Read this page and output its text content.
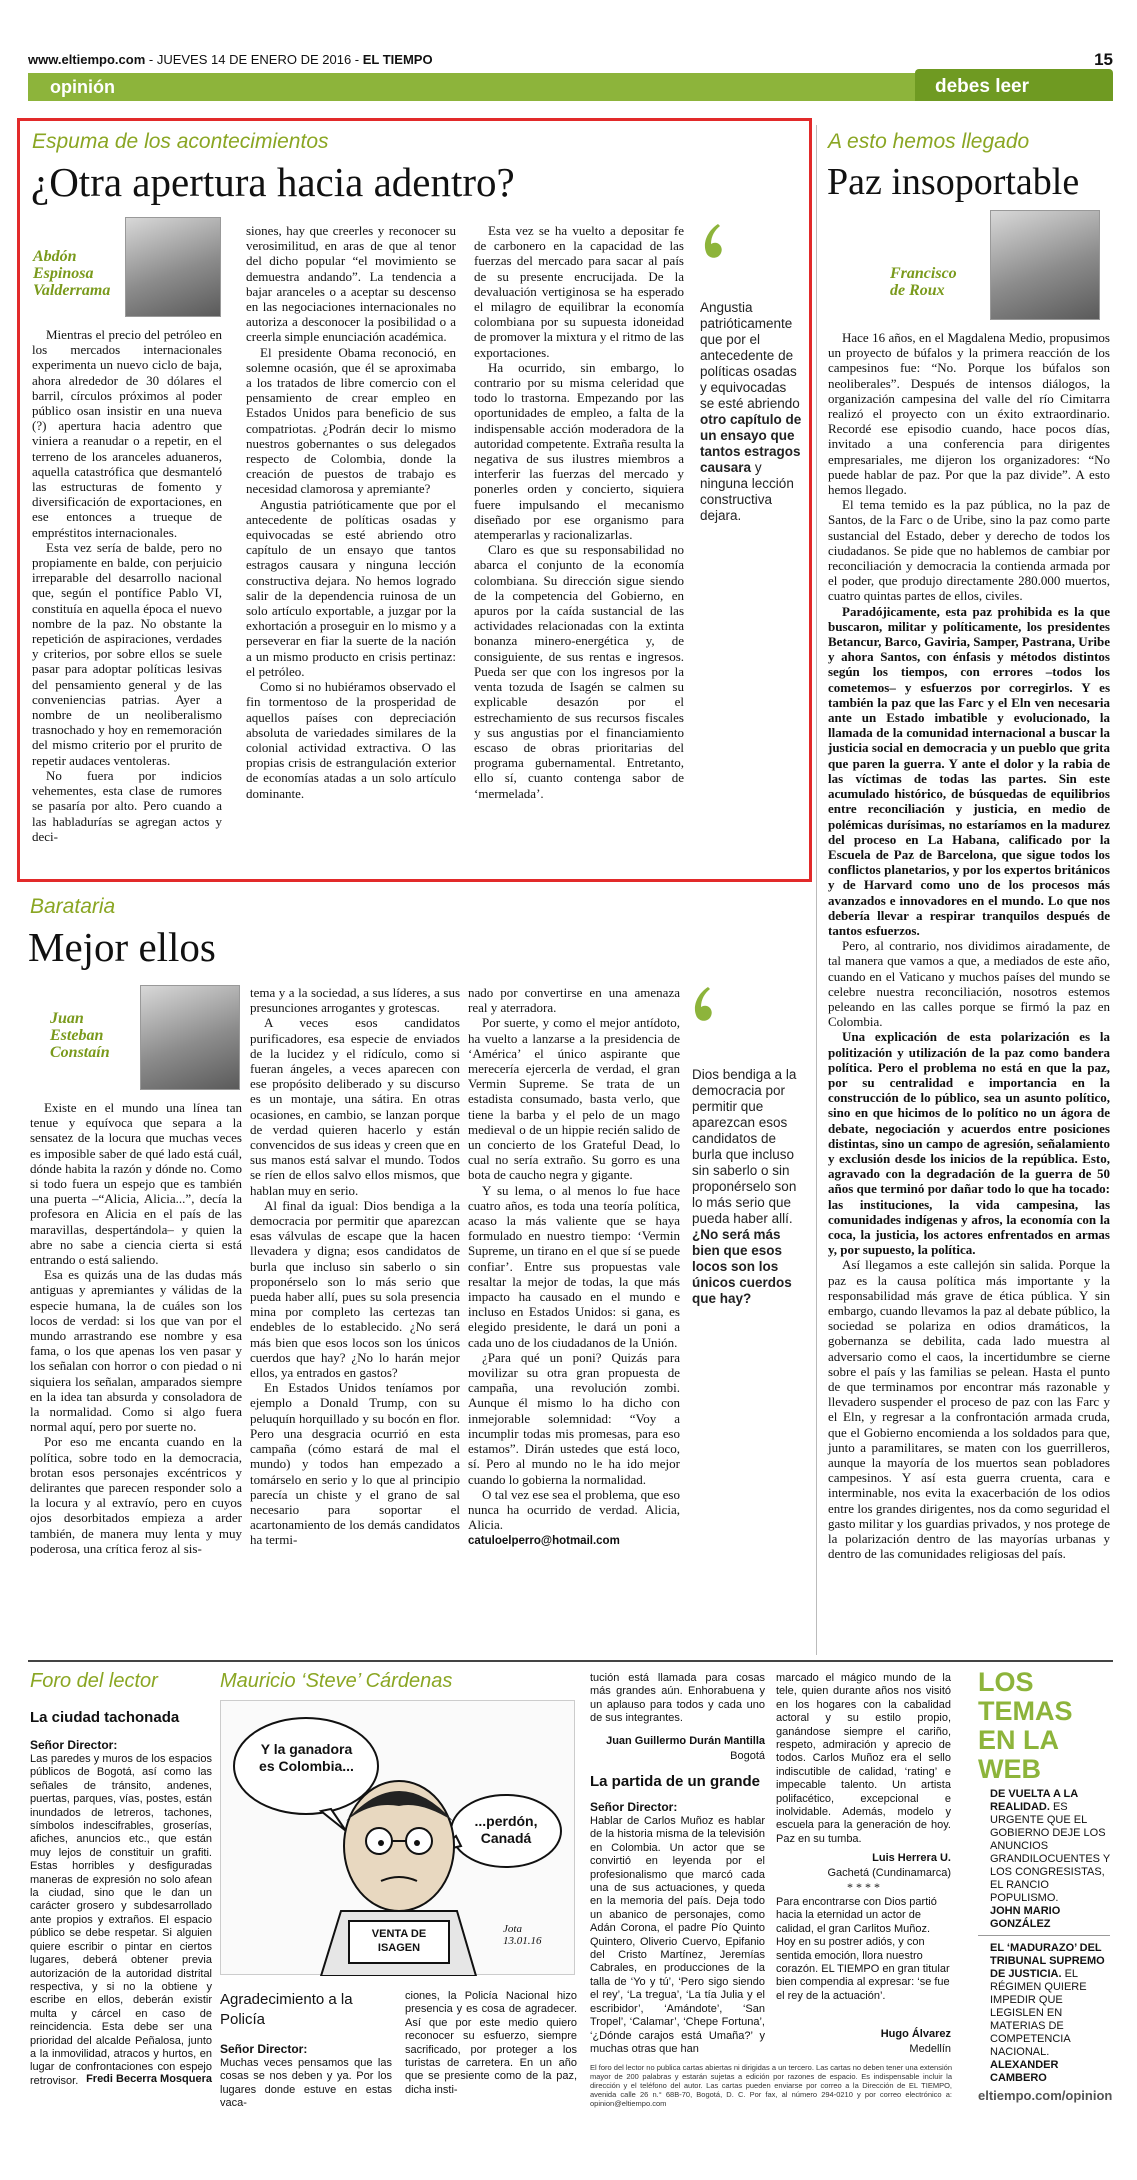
www.eltiempo.com - JUEVES 14 DE ENERO DE 2016 - EL TIEMPO	15
opinión	debes leer
Espuma de los acontecimientos
¿Otra apertura hacia adentro?
Abdón
Espinosa
Valderrama

Mientras el precio del petróleo en los mercados internacionales experimenta un nuevo ciclo de baja, ahora alrededor de 30 dólares el barril, círculos próximos al poder público osan insistir en una nueva (?) apertura hacia adentro que viniera a reanudar o a repetir, en el terreno de los aranceles aduaneros, aquella catastrófica que desmanteló las estructuras de fomento y diversificación de exportaciones, en ese entonces a trueque de empréstitos internacionales.

Esta vez sería de balde, pero no propiamente en balde, con perjuicio irreparable del desarrollo nacional que, según el pontífice Pablo VI, constituía en aquella época el nuevo nombre de la paz. No obstante la repetición de aspiraciones, verdades y criterios, por sobre ellos se suele pasar para adoptar políticas lesivas del pensamiento general y de las conveniencias patrias. Ayer a nombre de un neoliberalismo trasnochado y hoy en rememoración del mismo criterio por el prurito de repetir audaces ventoleras.

No fuera por indicios vehementes, esta clase de rumores se pasaría por alto. Pero cuando a las habladurías se agregan actos y deci-

siones, hay que creerles y reconocer su verosimilitud, en aras de que al tenor del dicho popular “el movimiento se demuestra andando”. La tendencia a bajar aranceles o a aceptar su descenso en las negociaciones internacionales no autoriza a desconocer la posibilidad o a creerla simple enunciación académica.

El presidente Obama reconoció, en solemne ocasión, que él se aproximaba a los tratados de libre comercio con el pensamiento de crear empleo en Estados Unidos para beneficio de sus compatriotas. ¿Podrán decir lo mismo nuestros gobernantes o sus delegados respecto de Colombia, donde la creación de puestos de trabajo es necesidad clamorosa y apremiante?

Angustia patrióticamente que por el antecedente de políticas osadas y equivocadas se esté abriendo otro capítulo de un ensayo que tantos estragos causara y ninguna lección constructiva dejara. No hemos logrado salir de la dependencia ruinosa de un solo artículo exportable, a juzgar por la exhortación a proseguir en lo mismo y a perseverar en fiar la suerte de la nación a un mismo producto en crisis pertinaz: el petróleo.

Como si no hubiéramos observado el fin tormentoso de la prosperidad de aquellos países con depreciación absoluta de variedades similares de la colonial actividad extractiva. O las propias crisis de estrangulación exterior de economías atadas a un solo artículo dominante.

Esta vez se ha vuelto a depositar fe de carbonero en la capacidad de las fuerzas del mercado para sacar al país de su presente encrucijada. De la devaluación vertiginosa se ha esperado el milagro de equilibrar la economía colombiana por su supuesta idoneidad de promover la mixtura y el ritmo de las exportaciones.

Ha ocurrido, sin embargo, lo contrario por su misma celeridad que todo lo trastorna. Empezando por las oportunidades de empleo, a falta de la indispensable acción moderadora de la autoridad competente. Extraña resulta la negativa de sus ilustres miembros a interferir las fuerzas del mercado y ponerles orden y concierto, siquiera fuere impulsando el mecanismo diseñado por ese organismo para atemperarlas y racionalizarlas.

Claro es que su responsabilidad no abarca el conjunto de la economía colombiana. Su dirección sigue siendo de la competencia del Gobierno, en apuros por la caída sustancial de las actividades relacionadas con la extinta bonanza minero-energética y, de consiguiente, de sus rentas e ingresos. Pueda ser que con los ingresos por la venta tozuda de Isagén se calmen su explicable desazón por el estrechamiento de sus recursos fiscales y sus angustias por el financiamiento escaso de obras prioritarias del programa gubernamental. Entretanto, ello sí, cuanto contenga sabor de ‘mermelada’.

Angustia patrióticamente que por el antecedente de políticas osadas y equivocadas se esté abriendo otro capítulo de un ensayo que tantos estragos causara y ninguna lección constructiva dejara.
A esto hemos llegado
Paz insoportable
Francisco
de Roux

Hace 16 años, en el Magdalena Medio, propusimos un proyecto de búfalos y la primera reacción de los campesinos fue: “No. Porque los búfalos son neoliberales”. Después de intensos diálogos, la organización campesina del valle del río Cimitarra realizó el proyecto con un éxito extraordinario. Recordé ese episodio cuando, hace pocos días, invitado a una conferencia para dirigentes empresariales, me dijeron los organizadores: “No puede hablar de paz. Por que la paz divide”. A esto hemos llegado.

El tema temido es la paz pública, no la paz de Santos, de la Farc o de Uribe, sino la paz como parte sustancial del Estado, deber y derecho de todos los ciudadanos. Se pide que no hablemos de cambiar por reconciliación y democracia la contienda armada por el poder, que produjo directamente 280.000 muertos, cuatro quintas partes de ellos, civiles.

Paradójicamente, esta paz prohibida es la que buscaron, militar y políticamente, los presidentes Betancur, Barco, Gaviria, Samper, Pastrana, Uribe y ahora Santos, con énfasis y métodos distintos según los tiempos, con errores –todos los cometemos– y esfuerzos por corregirlos. Y es también la paz que las Farc y el Eln ven necesaria ante un Estado imbatible y evolucionado, la llamada de la comunidad internacional a buscar la justicia social en democracia y un pueblo que grita que paren la guerra. Y ante el dolor y la rabia de las víctimas de todas las partes. Sin este acumulado histórico, de búsquedas de equilibrios entre reconciliación y justicia, en medio de polémicas durísimas, no estaríamos en la madurez del proceso en La Habana, calificado por la Escuela de Paz de Barcelona, que sigue todos los conflictos planetarios, y por los expertos británicos y de Harvard como uno de los procesos más avanzados e innovadores en el mundo. Lo que nos debería llevar a respirar tranquilos después de tantos esfuerzos.

Pero, al contrario, nos dividimos airadamente, de tal manera que vamos a que, a mediados de este año, cuando en el Vaticano y muchos países del mundo se celebre nuestra reconciliación, nosotros estemos peleando en las calles porque se firmó la paz en Colombia.

Una explicación de esta polarización es la politización y utilización de la paz como bandera política. Pero el problema no está en que la paz, por su centralidad e importancia en la construcción de lo público, sea un asunto político, sino en que hicimos de lo político no un ágora de debate, negociación y acuerdos entre posiciones distintas, sino un campo de agresión, señalamiento y exclusión desde los inicios de la república. Esto, agravado con la degradación de la guerra de 50 años que terminó por dañar todo lo que ha tocado: las instituciones, la vida campesina, las comunidades indígenas y afros, la economía con la coca, la justicia, los actores enfrentados en armas y, por supuesto, la política.

Así llegamos a este callejón sin salida. Porque la paz es la causa política más importante y la responsabilidad más grave de ética pública. Y sin embargo, cuando llevamos la paz al debate público, la sociedad se polariza en odios dramáticos, la gobernanza se debilita, cada lado muestra al adversario como el caos, la incertidumbre se cierne sobre el país y las familias se pelean. Hasta el punto de que terminamos por encontrar más razonable y llevadero suspender el proceso de paz con las Farc y el Eln, y regresar a la confrontación armada cruda, que el Gobierno encomienda a los soldados para que, junto a paramilitares, se maten con los guerrilleros, aunque la mayoría de los muertos sean pobladores campesinos. Y así esta guerra cruenta, cara e interminable, nos evita la exacerbación de los odios entre los grandes dirigentes, nos da como seguridad el gasto militar y los guardias privados, y nos protege de la polarización dentro de las mayorías urbanas y dentro de las comunidades religiosas del país.

Barataria
Mejor ellos
Juan
Esteban
Constaín

Existe en el mundo una línea tan tenue y equívoca que separa a la sensatez de la locura que muchas veces es imposible saber de qué lado está cuál, dónde habita la razón y dónde no. Como si todo fuera un espejo que es también una puerta –“Alicia, Alicia...”, decía la profesora en Alicia en el país de las maravillas, despertándola– y quien la abre no sabe a ciencia cierta si está entrando o está saliendo.

Esa es quizás una de las dudas más antiguas y apremiantes y válidas de la especie humana, la de cuáles son los locos de verdad: si los que van por el mundo arrastrando ese nombre y esa fama, o los que apenas los ven pasar y los señalan con horror o con piedad o ni siquiera los señalan, amparados siempre en la idea tan absurda y consoladora de la normalidad. Como si algo fuera normal aquí, pero por suerte no.

Por eso me encanta cuando en la política, sobre todo en la democracia, brotan esos personajes excéntricos y delirantes que parecen responder solo a la locura y al extravío, pero en cuyos ojos desorbitados empieza a arder también, de manera muy lenta y muy poderosa, una crítica feroz al sis-

tema y a la sociedad, a sus líderes, a sus presunciones arrogantes y grotescas.

A veces esos candidatos purificadores, esa especie de enviados de la lucidez y el ridículo, como si fueran ángeles, a veces aparecen con ese propósito deliberado y su discurso es un montaje, una sátira. En otras ocasiones, en cambio, se lanzan porque de verdad quieren hacerlo y están convencidos de sus ideas y creen que en sus manos está salvar el mundo. Todos se ríen de ellos salvo ellos mismos, que hablan muy en serio.

Al final da igual: Dios bendiga a la democracia por permitir que aparezcan esas válvulas de escape que la hacen llevadera y digna; esos candidatos de burla que incluso sin saberlo o sin proponérselo son lo más serio que pueda haber allí, pues su sola presencia mina por completo las certezas tan endebles de lo establecido. ¿No será más bien que esos locos son los únicos cuerdos que hay? ¿No lo harán mejor ellos, ya entrados en gastos?

En Estados Unidos teníamos por ejemplo a Donald Trump, con su peluquín horquillado y su bocón en flor. Pero una desgracia ocurrió en esta campaña (cómo estará de mal el mundo) y todos han empezado a tomárselo en serio y lo que al principio parecía un chiste y el grano de sal necesario para soportar el acartonamiento de los demás candidatos ha termi-

nado por convertirse en una amenaza real y aterradora.

Por suerte, y como el mejor antídoto, ha vuelto a lanzarse a la presidencia de ‘América’ el único aspirante que merecería ejercerla de verdad, el gran Vermin Supreme. Se trata de un estadista consumado, basta verlo, que tiene la barba y el pelo de un mago medieval o de un hippie recién salido de un concierto de los Grateful Dead, lo cual no sería extraño. Su gorro es una bota de caucho negra y gigante.

Y su lema, o al menos lo fue hace cuatro años, es toda una teoría política, acaso la más valiente que se haya formulado en nuestro tiempo: ‘Vermin Supreme, un tirano en el que sí se puede confiar’. Entre sus propuestas vale resaltar la mejor de todas, la que más impacto ha causado en el mundo e incluso en Estados Unidos: si gana, es elegido presidente, le dará un poni a cada uno de los ciudadanos de la Unión.

¿Para qué un poni? Quizás para movilizar su otra gran propuesta de campaña, una revolución zombi. Aunque él mismo lo ha dicho con inmejorable solemnidad: “Voy a incumplir todas mis promesas, para eso estamos”. Dirán ustedes que está loco, sí. Pero al mundo no le ha ido mejor cuando lo gobierna la normalidad.

O tal vez ese sea el problema, que eso nunca ha ocurrido de verdad. Alicia, Alicia.

catuloelperro@hotmail.com
Dios bendiga a la democracia por permitir que aparezcan esos candidatos de burla que incluso sin saberlo o sin proponérselo son lo más serio que pueda haber allí. ¿No será más bien que esos locos son los únicos cuerdos que hay?
Foro del lector
La ciudad tachonada
Señor Director:
Las paredes y muros de los espacios públicos de Bogotá, así como las señales de tránsito, andenes, puertas, parques, vías, postes, están inundados de letreros, tachones, símbolos indescifrables, groserías, afiches, anuncios etc., que están muy lejos de constituir un grafiti. Estas horribles y desfiguradas maneras de expresión no solo afean la ciudad, sino que le dan un carácter grosero y subdesarrollado ante propios y extraños. El espacio público se debe respetar. Si alguien quiere escribir o pintar en ciertos lugares, deberá obtener previa autorización de la autoridad distrital respectiva, y si no la obtiene y escribe en ellos, deberán existir multa y cárcel en caso de reincidencia. Esta debe ser una prioridad del alcalde Peñalosa, junto a la inmovilidad, atracos y hurtos, en lugar de confrontaciones con espejo retrovisor. Fredi Becerra Mosquera
Mauricio ‘Steve’ Cárdenas
Y la ganadora es Colombia...
...perdón, Canadá
VENTA DE ISAGEN
Jota 13.01.16
Agradecimiento a la Policía
Señor Director:
Muchas veces pensamos que las cosas se nos deben y ya. Por los lugares donde estuve en estas vaca-
ciones, la Policía Nacional hizo presencia y es cosa de agradecer. Así que por este medio quiero reconocer su esfuerzo, siempre sacrificado, por proteger a los turistas de carretera. En un año que se presiente como de la paz, dicha insti-
tución está llamada para cosas más grandes aún. Enhorabuena y un aplauso para todos y cada uno de sus integrantes.
Juan Guillermo Durán Mantilla
Bogotá
La partida de un grande
Señor Director:
Hablar de Carlos Muñoz es hablar de la historia misma de la televisión en Colombia. Un actor que se convirtió en leyenda por el profesionalismo que marcó cada una de sus actuaciones, y queda en la memoria del país. Deja todo un abanico de personajes, como Adán Corona, el padre Pío Quinto Quintero, Oliverio Cuervo, Epifanio del Cristo Martínez, Jeremías Cabrales, en producciones de la talla de ‘Yo y tú’, ‘Pero sigo siendo el rey’, ‘La tregua’, ‘La tía Julia y el escribidor’, ‘Amándote’, ‘San Tropel’, ‘Calamar’, ‘Chepe Fortuna’, ‘¿Dónde carajos está Umaña?’ y muchas otras que han
marcado el mágico mundo de la tele, quien durante años nos visitó en los hogares con la cabalidad actoral y su estilo propio, ganándose siempre el cariño, respeto, admiración y aprecio de todos. Carlos Muñoz era el sello indiscutible de calidad, ‘rating’ e impecable talento. Un artista polifacético, excepcional e inolvidable. Además, modelo y escuela para la generación de hoy. Paz en su tumba.
Luis Herrera U.
Gachetá (Cundinamarca)
* * * *
Para encontrarse con Dios partió hacia la eternidad un actor de calidad, el gran Carlitos Muñoz. Hoy en su postrer adiós, y con sentida emoción, llora nuestro corazón. EL TIEMPO en gran titular bien compendia al expresar: ‘se fue el rey de la actuación’.
Hugo Álvarez
Medellín
El foro del lector no publica cartas abiertas ni dirigidas a un tercero. Las cartas no deben tener una extensión mayor de 200 palabras y estarán sujetas a edición por razones de espacio. Es indispensable incluir la dirección y el teléfono del autor. Las cartas pueden enviarse por correo a la Dirección de EL TIEMPO, avenida calle 26 n.° 68B-70, Bogotá, D. C. Por fax, al número 294-0210 y por correo electrónico a: opinion@eltiempo.com
LOS TEMAS EN LA WEB
DE VUELTA A LA REALIDAD. ES URGENTE QUE EL GOBIERNO DEJE LOS ANUNCIOS GRANDILOCUENTES Y LOS CONGRESISTAS, EL RANCIO POPULISMO.
JOHN MARIO GONZÁLEZ
EL ‘MADURAZO’ DEL TRIBUNAL SUPREMO DE JUSTICIA. EL RÉGIMEN QUIERE IMPEDIR QUE LEGISLEN EN MATERIAS DE COMPETENCIA NACIONAL.
ALEXANDER CAMBERO
eltiempo.com/opinion
